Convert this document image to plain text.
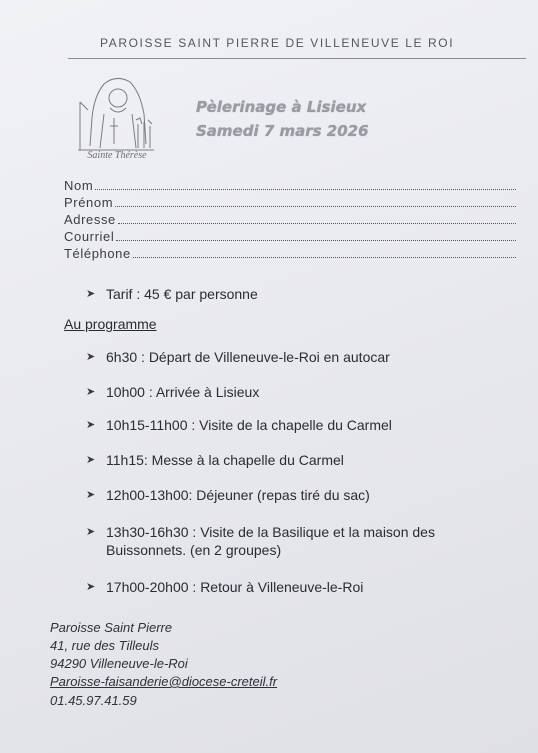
PAROISSE SAINT PIERRE DE VILLENEUVE LE ROI
Sainte Thérèse
Pèlerinage à Lisieux
Samedi 7 mars 2026
Nom
Prénom
Adresse
Courriel
Téléphone
➤ Tarif : 45 € par personne
Au programme
➤ 6h30 : Départ de Villeneuve-le-Roi en autocar
➤ 10h00 : Arrivée à Lisieux
➤ 10h15-11h00 : Visite de la chapelle du Carmel
➤ 11h15: Messe à la chapelle du Carmel
➤ 12h00-13h00: Déjeuner (repas tiré du sac)
➤ 13h30-16h30 : Visite de la Basilique et la maison des Buissonnets. (en 2 groupes)
➤ 17h00-20h00 : Retour à Villeneuve-le-Roi
Paroisse Saint Pierre
41, rue des Tilleuls
94290 Villeneuve-le-Roi
Paroisse-faisanderie@diocese-creteil.fr
01.45.97.41.59
